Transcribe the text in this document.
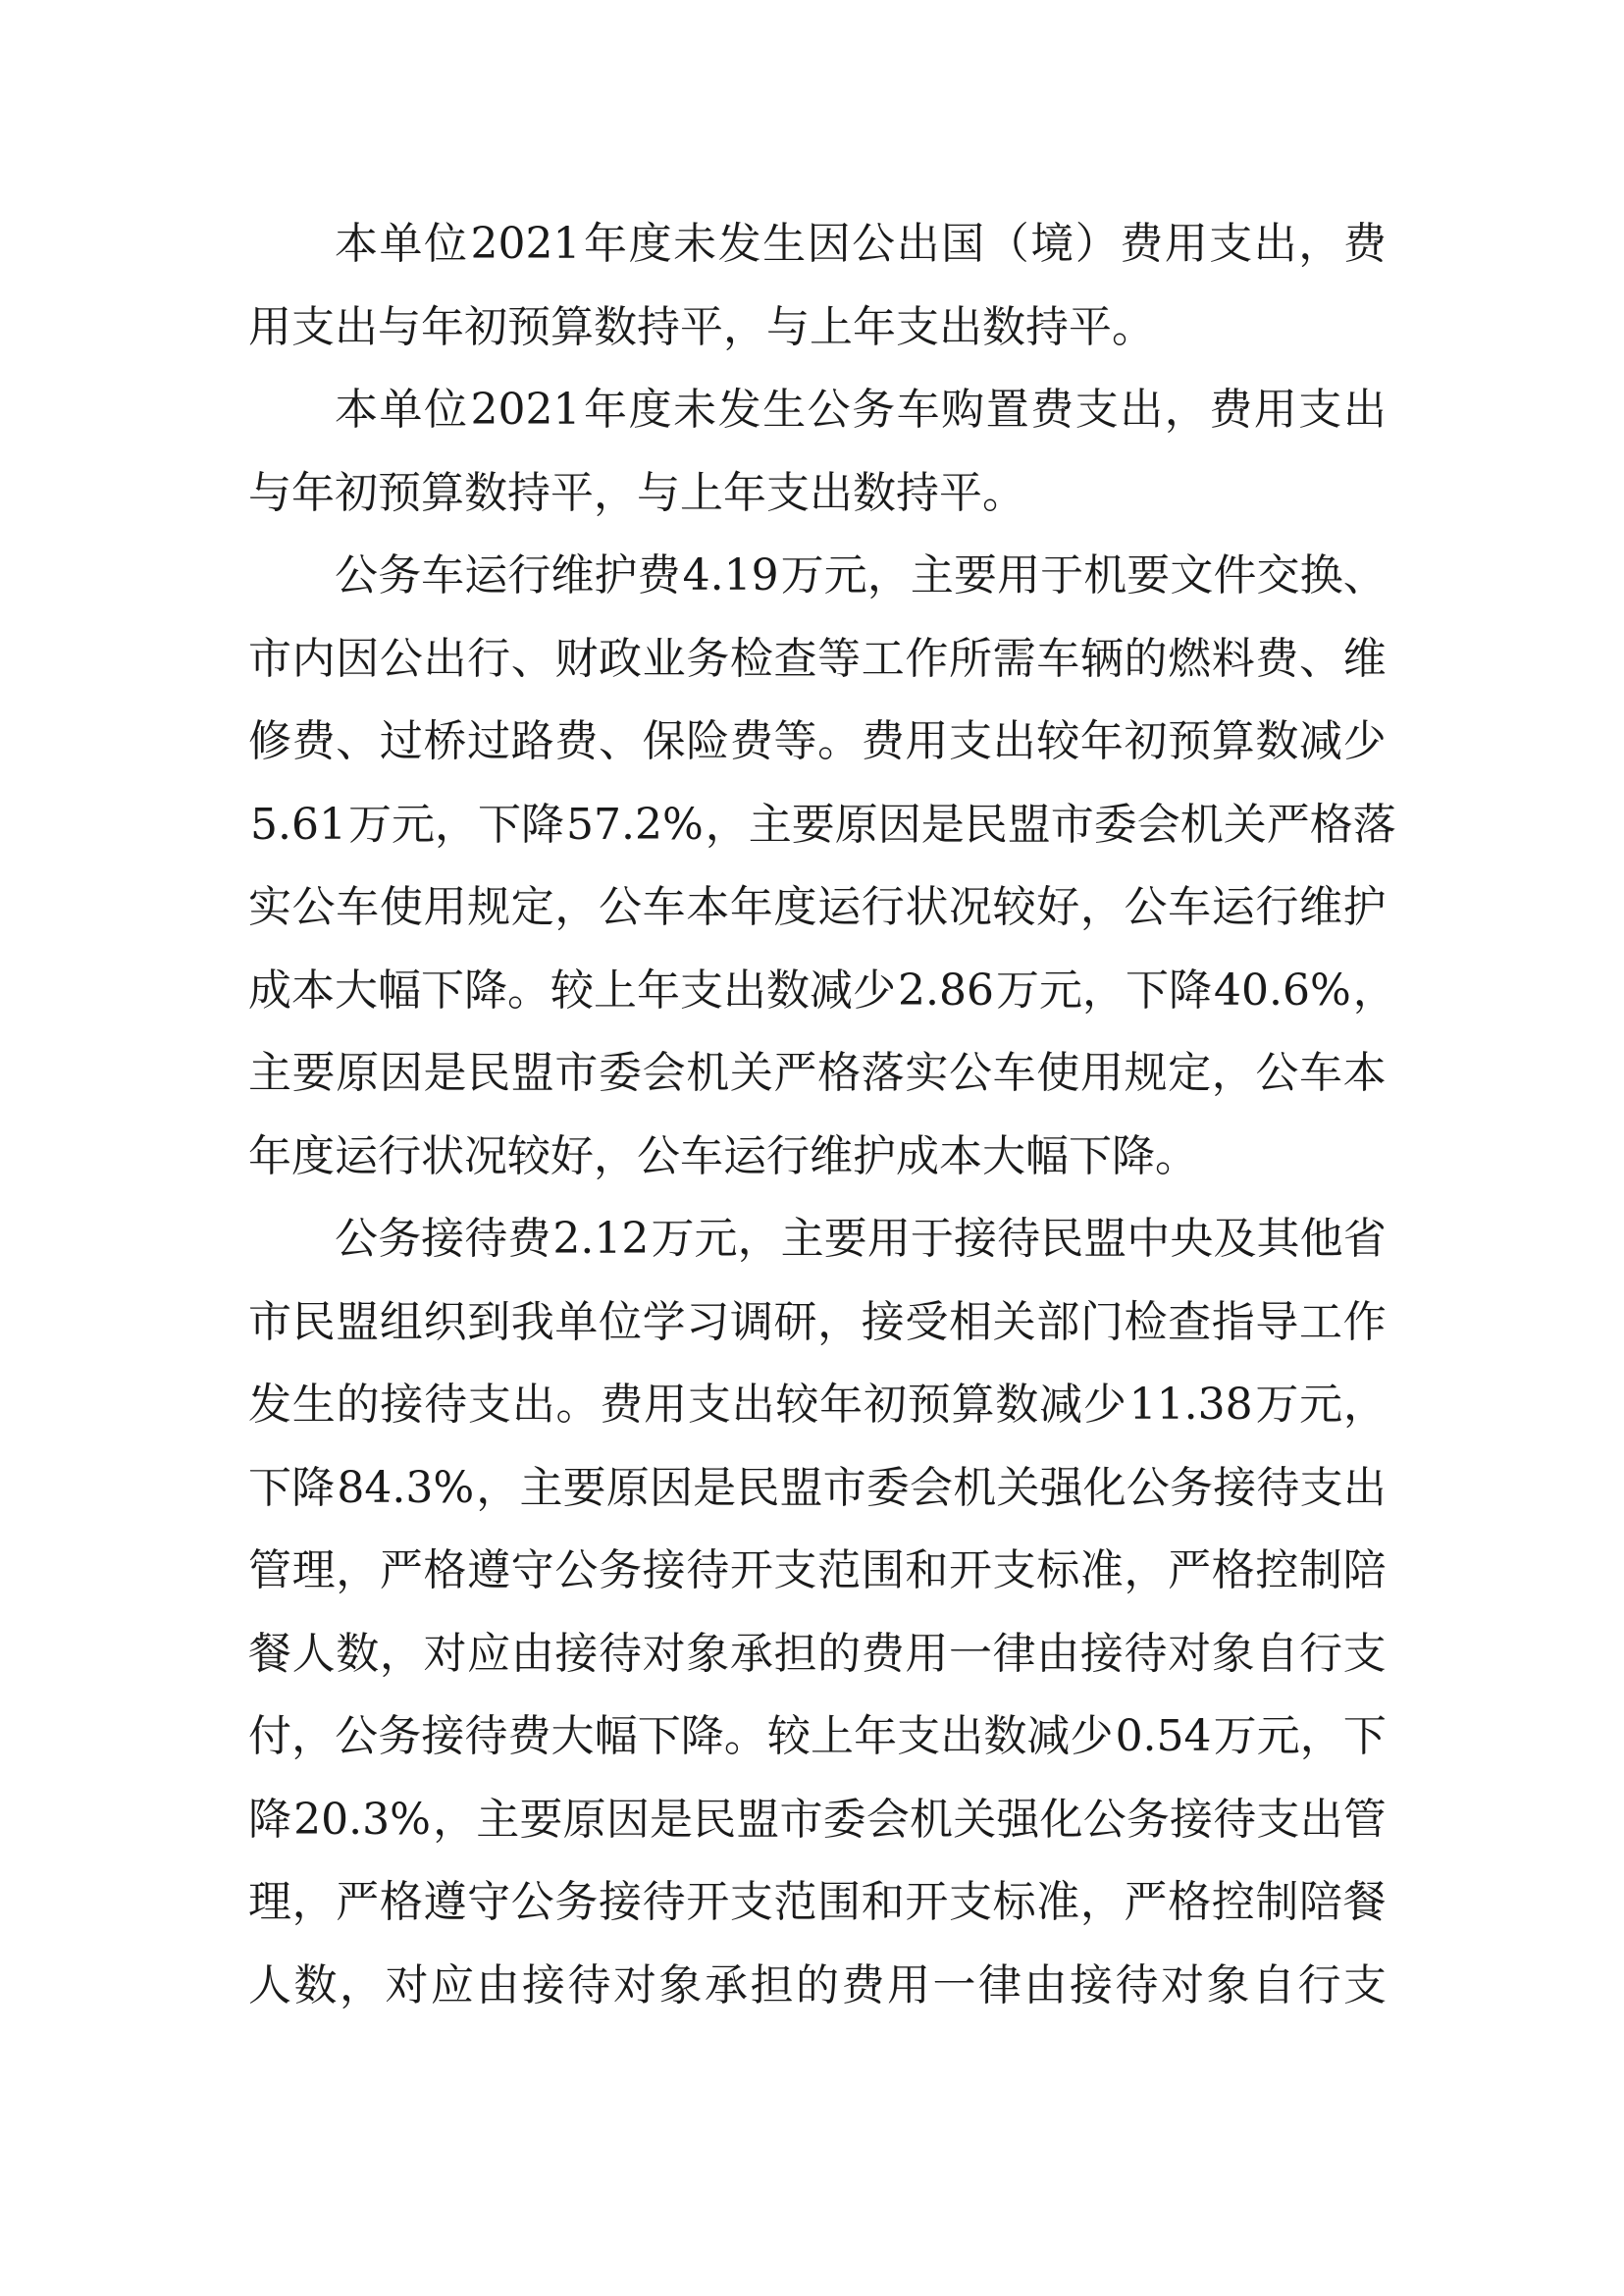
本 单 位 2021 年 度 未 发 生 因 公 出 国 （ 境 ） 费 用 支 出 ， 费
用 支 出 与 年 初 预 算 数 持 平 ， 与 上 年 支 出 数 持 平 。
本 单 位 2021 年 度 未 发 生 公 务 车 购 置 费 支 出 ， 费 用 支 出
与 年 初 预 算 数 持 平 ， 与 上 年 支 出 数 持 平 。
公 务 车 运 行 维 护 费 4.19 万 元 ， 主 要 用 于 机 要 文 件 交 换 、
市 内 因 公 出 行 、 财 政 业 务 检 查 等 工 作 所 需 车 辆 的 燃 料 费 、 维
修 费 、 过 桥 过 路 费 、 保 险 费 等 。 费 用 支 出 较 年 初 预 算 数 减 少
5.61 万 元 ， 下 降 57.2% ， 主 要 原 因 是 民 盟 市 委 会 机 关 严 格 落
实 公 车 使 用 规 定 ， 公 车 本 年 度 运 行 状 况 较 好 ， 公 车 运 行 维 护
成 本 大 幅 下 降 。 较 上 年 支 出 数 减 少 2.86 万 元 ， 下 降 40.6% ，
主 要 原 因 是 民 盟 市 委 会 机 关 严 格 落 实 公 车 使 用 规 定 ， 公 车 本
年 度 运 行 状 况 较 好 ， 公 车 运 行 维 护 成 本 大 幅 下 降 。
公 务 接 待 费 2.12 万 元 ， 主 要 用 于 接 待 民 盟 中 央 及 其 他 省
市 民 盟 组 织 到 我 单 位 学 习 调 研 ， 接 受 相 关 部 门 检 查 指 导 工 作
发 生 的 接 待 支 出 。 费 用 支 出 较 年 初 预 算 数 减 少 11.38 万 元 ，
下 降 84.3% ， 主 要 原 因 是 民 盟 市 委 会 机 关 强 化 公 务 接 待 支 出
管 理 ， 严 格 遵 守 公 务 接 待 开 支 范 围 和 开 支 标 准 ， 严 格 控 制 陪
餐 人 数 ， 对 应 由 接 待 对 象 承 担 的 费 用 一 律 由 接 待 对 象 自 行 支
付 ， 公 务 接 待 费 大 幅 下 降 。 较 上 年 支 出 数 减 少 0.54 万 元 ， 下
降 20.3% ， 主 要 原 因 是 民 盟 市 委 会 机 关 强 化 公 务 接 待 支 出 管
理 ， 严 格 遵 守 公 务 接 待 开 支 范 围 和 开 支 标 准 ， 严 格 控 制 陪 餐
人 数 ， 对 应 由 接 待 对 象 承 担 的 费 用 一 律 由 接 待 对 象 自 行 支
